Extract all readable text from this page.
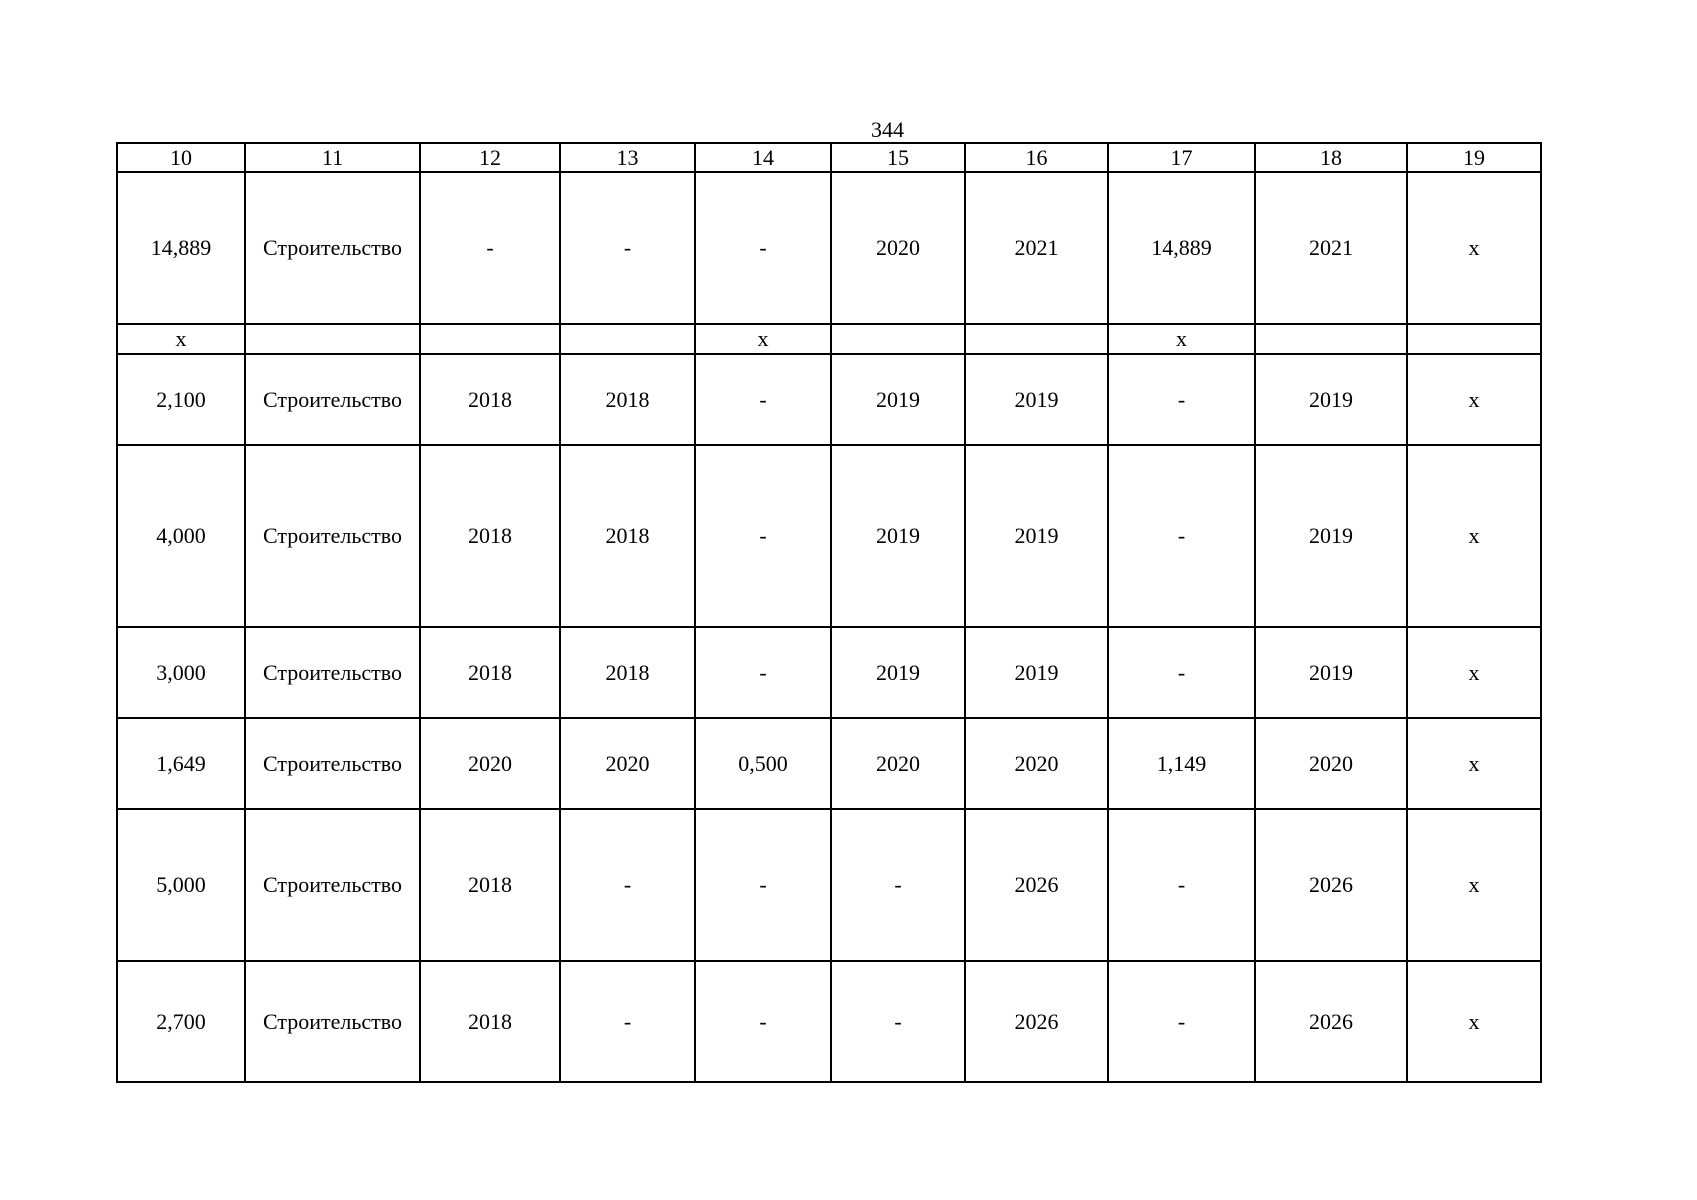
344
10	11	12	13	14	15	16	17	18	19
14,889	Строительство	-	-	-	2020	2021	14,889	2021	х
х				х			х		
2,100	Строительство	2018	2018	-	2019	2019	-	2019	х
4,000	Строительство	2018	2018	-	2019	2019	-	2019	х
3,000	Строительство	2018	2018	-	2019	2019	-	2019	х
1,649	Строительство	2020	2020	0,500	2020	2020	1,149	2020	х
5,000	Строительство	2018	-	-	-	2026	-	2026	х
2,700	Строительство	2018	-	-	-	2026	-	2026	х
